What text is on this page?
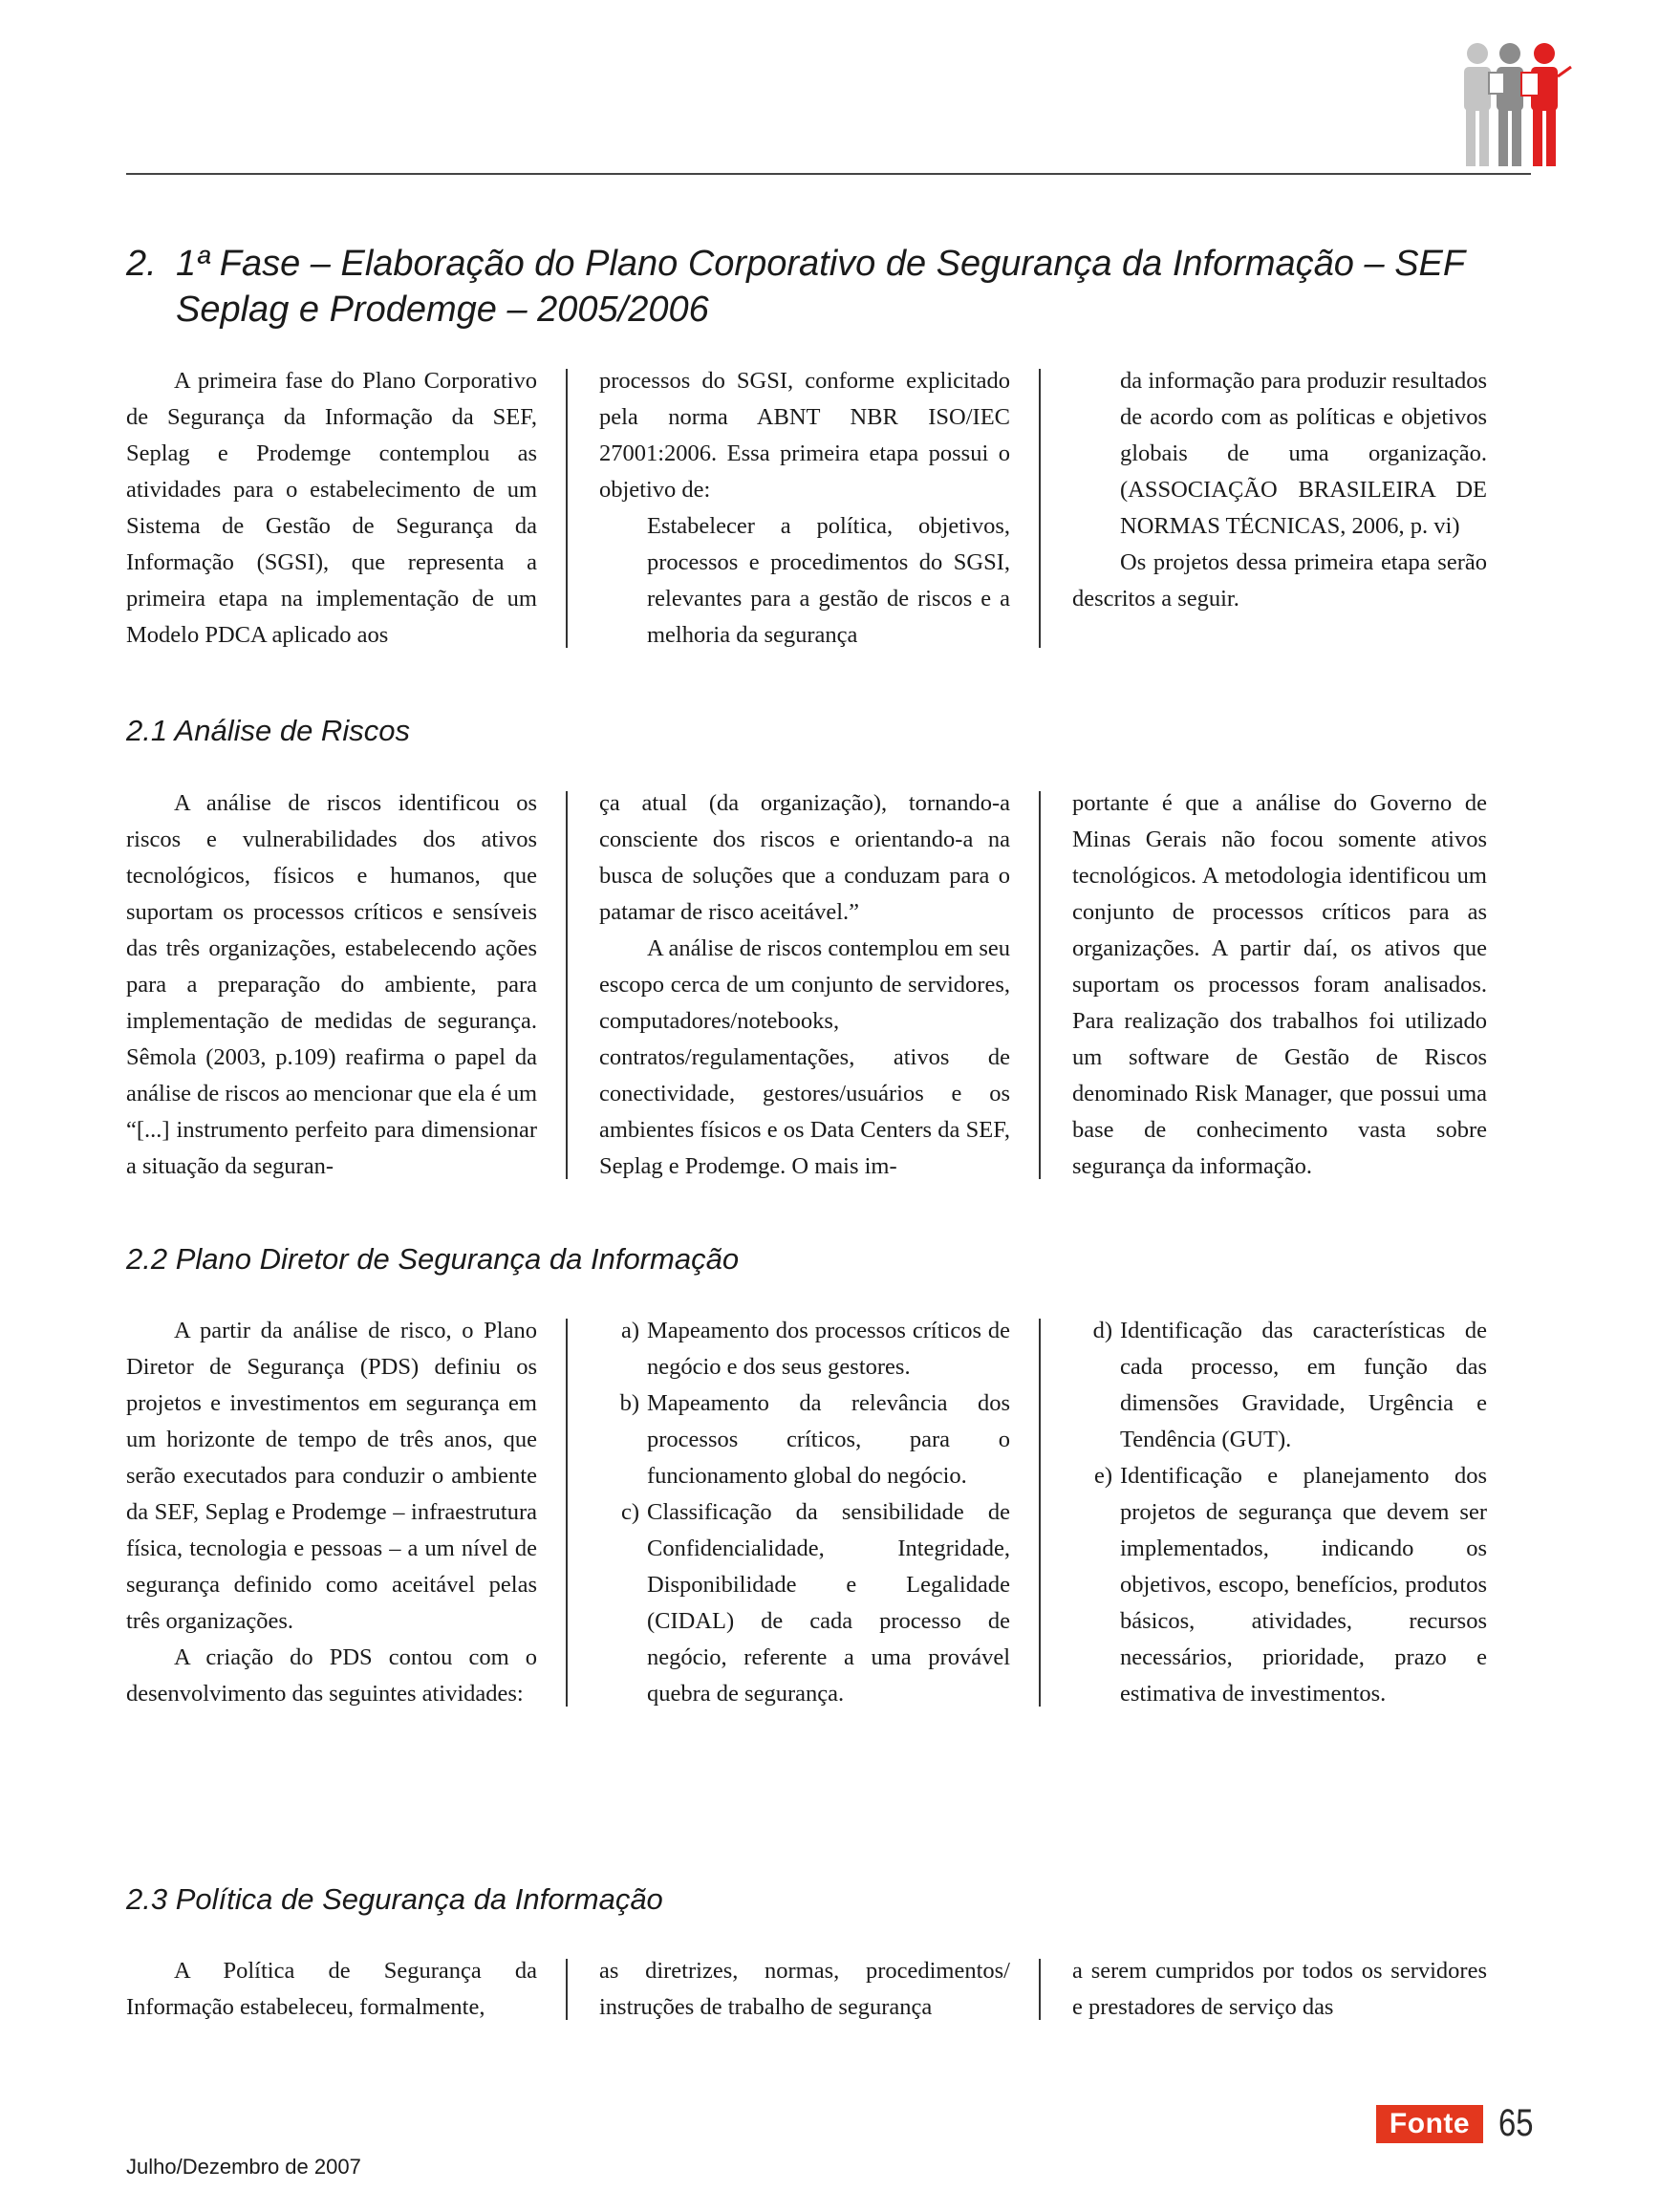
2. 1ª Fase – Elaboração do Plano Corporativo de Segurança da Informação – SEF
Seplag e Prodemge – 2005/2006

A primeira fase do Plano Corporativo de Segurança da Informação da SEF, Seplag e Prodemge contemplou as atividades para o estabelecimento de um Sistema de Gestão de Segurança da Informação (SGSI), que representa a primeira etapa na implementação de um Modelo PDCA aplicado aos

processos do SGSI, conforme explicitado pela norma ABNT NBR ISO/IEC 27001:2006. Essa primeira etapa possui o objetivo de:

Estabelecer a política, objetivos, processos e procedimentos do SGSI, relevantes para a gestão de riscos e a melhoria da segurança

da informação para produzir resultados de acordo com as políticas e objetivos globais de uma organização. (ASSOCIAÇÃO BRASILEIRA DE NORMAS TÉCNICAS, 2006, p. vi)

Os projetos dessa primeira etapa serão descritos a seguir.

2.1 Análise de Riscos

A análise de riscos identificou os riscos e vulnerabilidades dos ativos tecnológicos, físicos e humanos, que suportam os processos críticos e sensíveis das três organizações, estabelecendo ações para a preparação do ambiente, para implementação de medidas de segurança. Sêmola (2003, p.109) reafirma o papel da análise de riscos ao mencionar que ela é um “[...] instrumento perfeito para dimensionar a situação da seguran-

ça atual (da organização), tornando-a consciente dos riscos e orientando-a na busca de soluções que a conduzam para o patamar de risco aceitável.”

A análise de riscos contemplou em seu escopo cerca de um conjunto de servidores, computadores/notebooks, contratos/regulamentações, ativos de conectividade, gestores/usuários e os ambientes físicos e os Data Centers da SEF, Seplag e Prodemge. O mais im-

portante é que a análise do Governo de Minas Gerais não focou somente ativos tecnológicos. A metodologia identificou um conjunto de processos críticos para as organizações. A partir daí, os ativos que suportam os processos foram analisados. Para realização dos trabalhos foi utilizado um software de Gestão de Riscos denominado Risk Manager, que possui uma base de conhecimento vasta sobre segurança da informação.

2.2 Plano Diretor de Segurança da Informação

A partir da análise de risco, o Plano Diretor de Segurança (PDS) definiu os projetos e investimentos em segurança em um horizonte de tempo de três anos, que serão executados para conduzir o ambiente da SEF, Seplag e Prodemge – infraestrutura física, tecnologia e pessoas – a um nível de segurança definido como aceitável pelas três organizações.

A criação do PDS contou com o desenvolvimento das seguintes atividades:

a) Mapeamento dos processos críticos de negócio e dos seus gestores.
b) Mapeamento da relevância dos processos críticos, para o funcionamento global do negócio.
c) Classificação da sensibilidade de Confidencialidade, Integridade, Disponibilidade e Legalidade (CIDAL) de cada processo de negócio, referente a uma provável quebra de segurança.
d) Identificação das características de cada processo, em função das dimensões Gravidade, Urgência e Tendência (GUT).
e) Identificação e planejamento dos projetos de segurança que devem ser implementados, indicando os objetivos, escopo, benefícios, produtos básicos, atividades, recursos necessários, prioridade, prazo e estimativa de investimentos.
2.3 Política de Segurança da Informação

A Política de Segurança da Informação estabeleceu, formalmente,

as diretrizes, normas, procedimentos/ instruções de trabalho de segurança

a serem cumpridos por todos os servidores e prestadores de serviço das

Julho/Dezembro de 2007
Fonte 65
